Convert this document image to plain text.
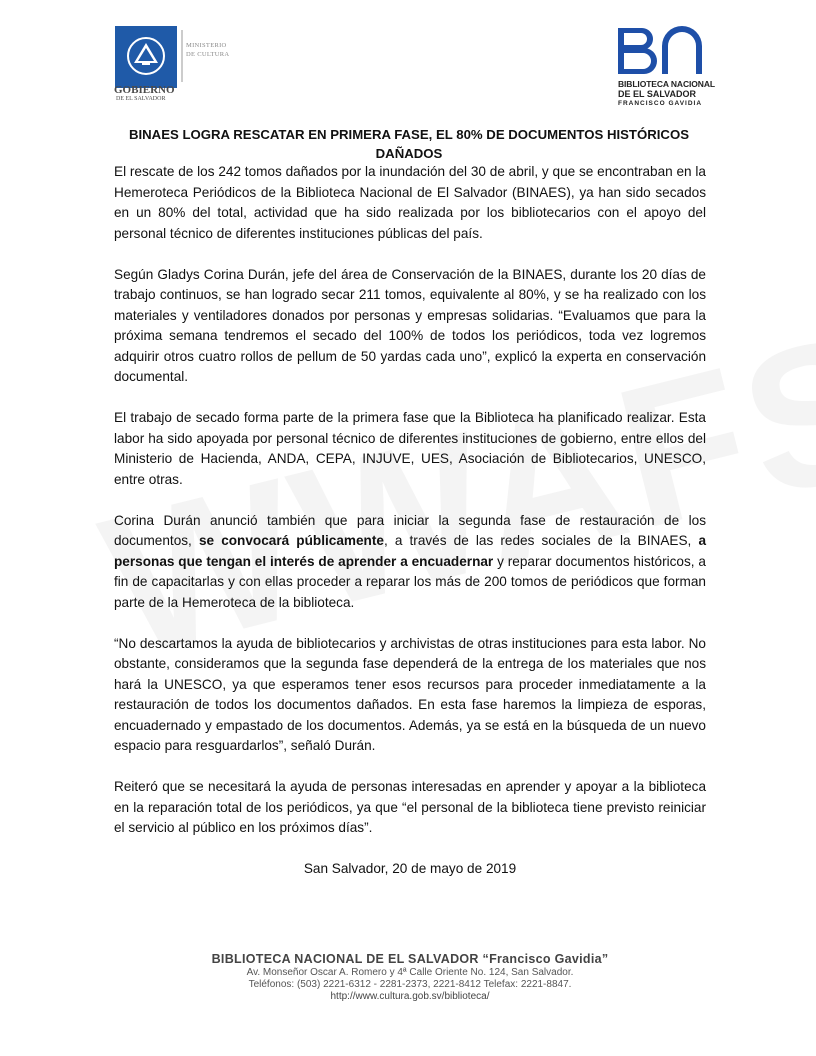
MINISTERIO

DE CULTURA

GOBIERNO

DE EL SALVADOR

BIBLIOTECA NACIONAL

DE EL SALVADOR

FRANCISCO GAVIDIA

BINAES LOGRA RESCATAR EN PRIMERA FASE, EL 80% DE DOCUMENTOS HISTÓRICOS
DAÑADOS

El rescate de los 242 tomos dañados por la inundación del 30 de abril, y que se encontraban en la Hemeroteca Periódicos de la Biblioteca Nacional de El Salvador (BINAES), ya han sido secados en un 80% del total, actividad que ha sido realizada por los bibliotecarios con el apoyo del personal técnico de diferentes instituciones públicas del país.

Según Gladys Corina Durán, jefe del área de Conservación de la BINAES, durante los 20 días de trabajo continuos, se han logrado secar 211 tomos, equivalente al 80%, y se ha realizado con los materiales y ventiladores donados por personas y empresas solidarias. “Evaluamos que para la próxima semana tendremos el secado del 100% de todos los periódicos, toda vez logremos adquirir otros cuatro rollos de pellum de 50 yardas cada uno”, explicó la experta en conservación documental.

El trabajo de secado forma parte de la primera fase que la Biblioteca ha planificado realizar. Esta labor ha sido apoyada por personal técnico de diferentes instituciones de gobierno, entre ellos del Ministerio de Hacienda, ANDA, CEPA, INJUVE, UES, Asociación de Bibliotecarios, UNESCO, entre otras.

Corina Durán anunció también que para iniciar la segunda fase de restauración de los documentos, se convocará públicamente, a través de las redes sociales de la BINAES, a personas que tengan el interés de aprender a encuadernar y reparar documentos históricos, a fin de capacitarlas y con ellas proceder a reparar los más de 200 tomos de periódicos que forman parte de la Hemeroteca de la biblioteca.

“No descartamos la ayuda de bibliotecarios y archivistas de otras instituciones para esta labor. No obstante, consideramos que la segunda fase dependerá de la entrega de los materiales que nos hará la UNESCO, ya que esperamos tener esos recursos para proceder inmediatamente a la restauración de todos los documentos dañados. En esta fase haremos la limpieza de esporas, encuadernado y empastado de los documentos. Además, ya se está en la búsqueda de un nuevo espacio para resguardarlos”, señaló Durán.

Reiteró que se necesitará la ayuda de personas interesadas en aprender y apoyar a la biblioteca en la reparación total de los periódicos, ya que “el personal de la biblioteca tiene previsto reiniciar el servicio al público en los próximos días”.

San Salvador, 20 de mayo de 2019

BIBLIOTECA NACIONAL DE EL SALVADOR “Francisco Gavidia”

Av. Monseñor Oscar A. Romero y 4ª Calle Oriente No. 124, San Salvador.

Teléfonos: (503) 2221-6312 - 2281-2373, 2221-8412 Telefax: 2221-8847.

http://www.cultura.gob.sv/biblioteca/
